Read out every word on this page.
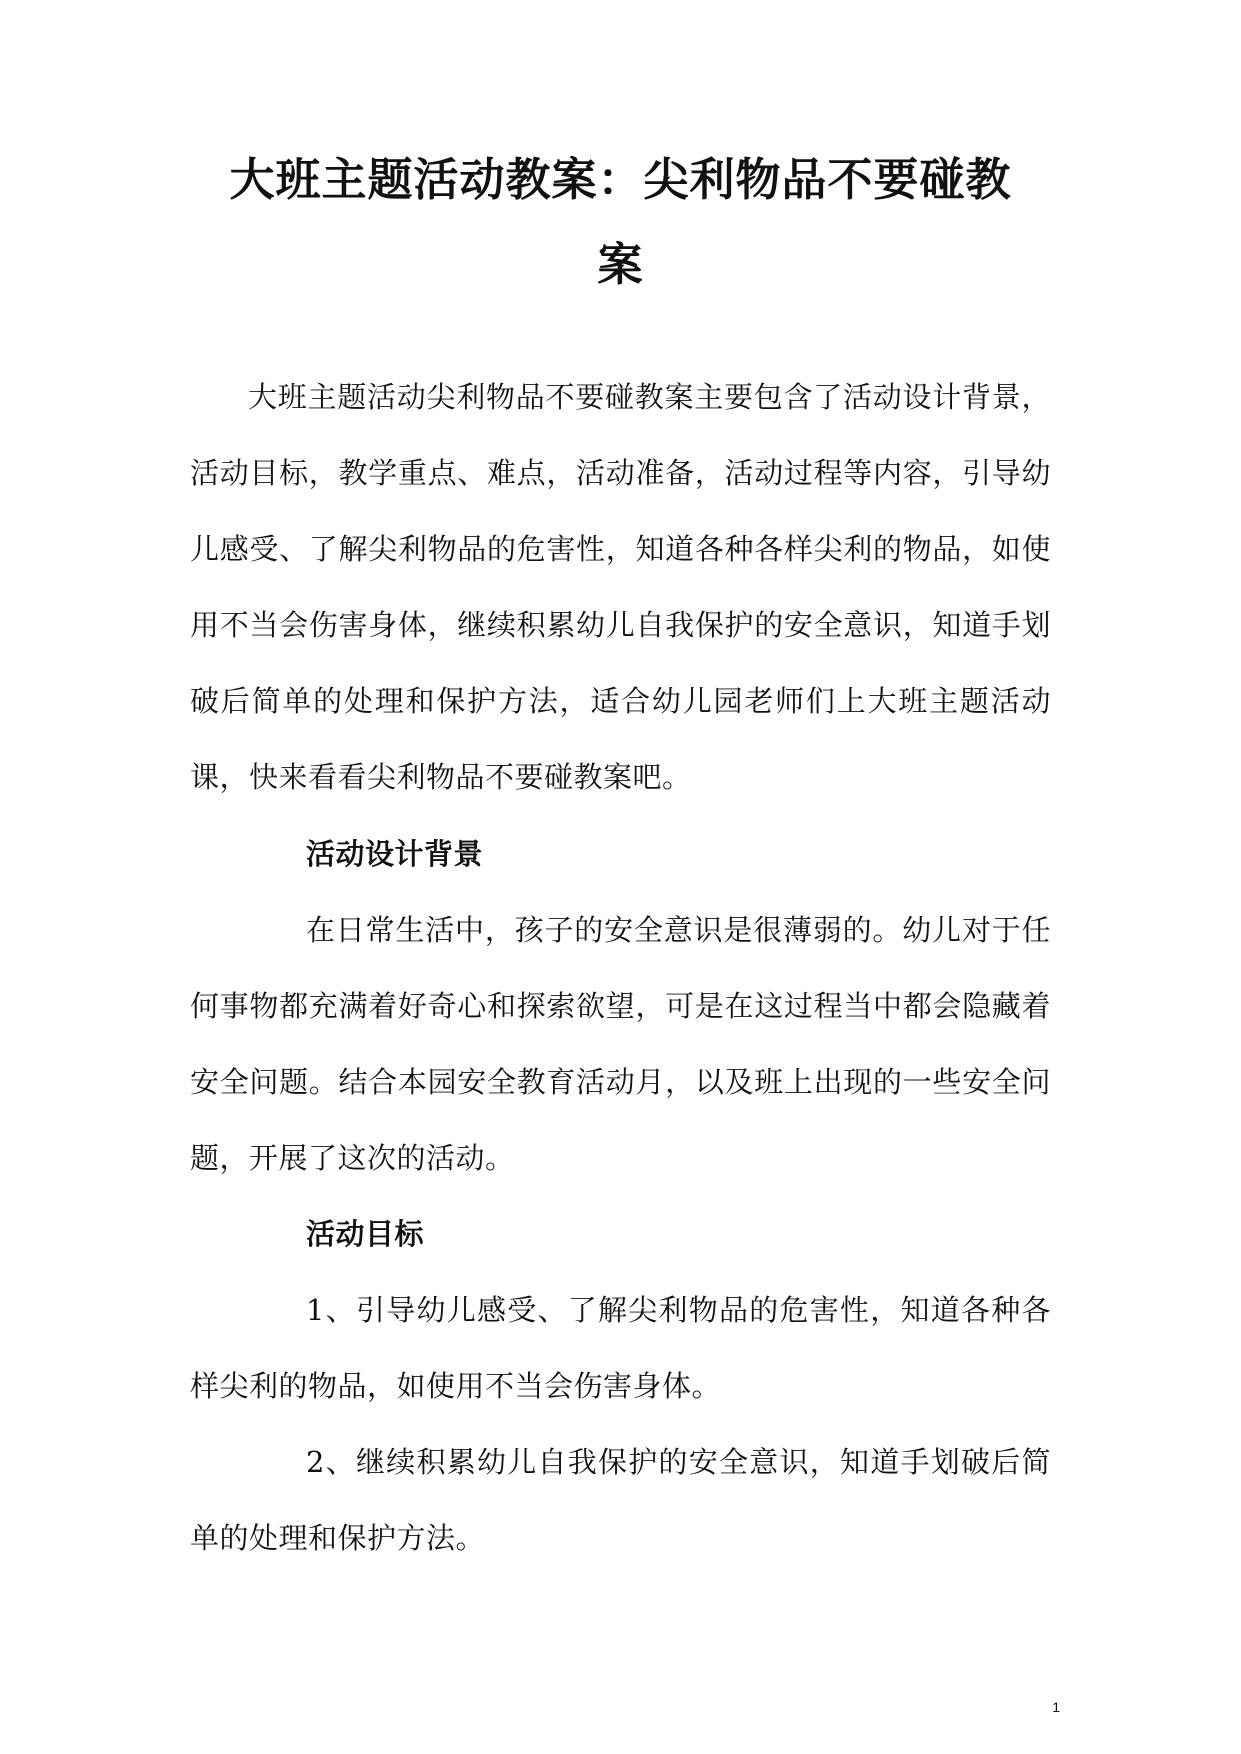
大班主题活动教案：尖利物品不要碰教
案

大班主题活动尖利物品不要碰教案主要包含了活动设计背景，活动目标，教学重点、难点，活动准备，活动过程等内容，引导幼儿感受、了解尖利物品的危害性，知道各种各样尖利的物品，如使用不当会伤害身体，继续积累幼儿自我保护的安全意识，知道手划破后简单的处理和保护方法，适合幼儿园老师们上大班主题活动课，快来看看尖利物品不要碰教案吧。

活动设计背景

在日常生活中，孩子的安全意识是很薄弱的。幼儿对于任何事物都充满着好奇心和探索欲望，可是在这过程当中都会隐藏着安全问题。结合本园安全教育活动月，以及班上出现的一些安全问题，开展了这次的活动。

活动目标

1、引导幼儿感受、了解尖利物品的危害性，知道各种各样尖利的物品，如使用不当会伤害身体。

2、继续积累幼儿自我保护的安全意识，知道手划破后简单的处理和保护方法。

1
